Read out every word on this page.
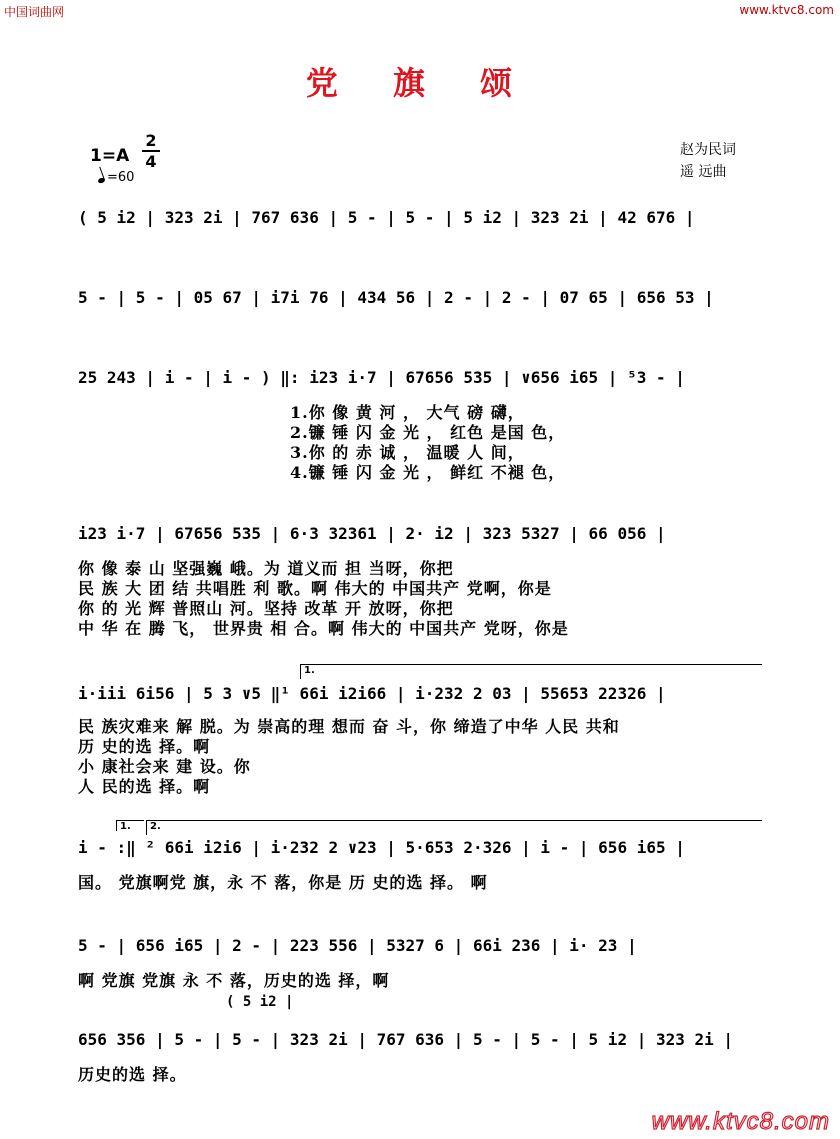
中国词曲网	www.ktvc8.com
党 旗 颂
1=A
2
4
=60
赵为民词
遥 远曲
( 5 i2 | 323 2i | 767 636 | 5 - | 5 - | 5 i2 | 323 2i | 42 676 |
5 - | 5 - | 05 67 | i7i 76 | 434 56 | 2 - | 2 - | 07 65 | 656 53 |
25 243 | i - | i - ) ‖: i23 i·7 | 67656 535 | ∨656 i65 | ⁵3 - |
1.你 像 黄 河 ， 大气 磅 礴，
2.镰 锤 闪 金 光 ， 红色 是国 色，
3.你 的 赤 诚 ， 温暖 人 间，
4.镰 锤 闪 金 光 ， 鲜红 不褪 色，
i23 i·7 | 67656 535 | 6·3 32361 | 2· i2 | 323 5327 | 66 056 |
你 像 泰 山 坚强巍 峨。为 道义而 担 当呀，你把
民 族 大 团 结 共唱胜 利 歌。啊 伟大的 中国共产 党啊，你是
你 的 光 辉 普照山 河。坚持 改革 开 放呀，你把
中 华 在 腾 飞， 世界贵 相 合。啊 伟大的 中国共产 党呀，你是
1.
i·iii 6i56 | 5 3 ∨5 ‖¹ 66i i2i66 | i·232 2 03 | 55653 22326 |
民 族灾难来 解 脱。为 崇高的理 想而 奋 斗，你 缔造了中华 人民 共和
历 史的选 择。啊
小 康社会来 建 设。你
人 民的选 择。啊
1.	2.
i - :‖ ² 66i i2i6 | i·232 2 ∨23 | 5·653 2·326 | i - | 656 i65 |
国。 党旗啊党 旗，永 不 落，你是 历 史的选 择。 啊
5 - | 656 i65 | 2 - | 223 556 | 5327 6 | 66i 236 | i· 23 |
啊 党旗 党旗 永 不 落，历史的选 择，啊
( 5 i2 |
656 356 | 5 - | 5 - | 323 2i | 767 636 | 5 - | 5 - | 5 i2 | 323 2i |
历史的选 择。
www.ktvc8.com
